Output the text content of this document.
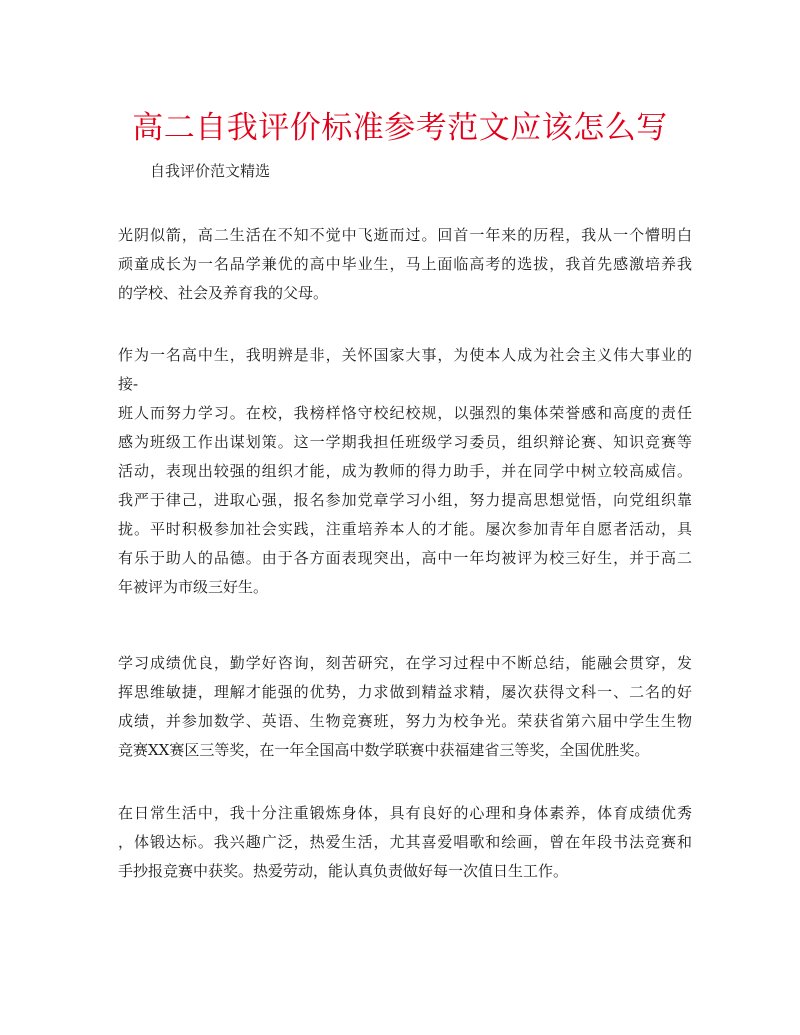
高二自我评价标准参考范文应该怎么写
自我评价范文精选
光阴似箭，高二生活在不知不觉中飞逝而过。回首一年来的历程，我从一个懵明白
顽童成长为一名品学兼优的高中毕业生，马上面临高考的选拔，我首先感激培养我
的学校、社会及养育我的父母。
作为一名高中生，我明辨是非，关怀国家大事，为使本人成为社会主义伟大事业的
接-
班人而努力学习。在校，我榜样恪守校纪校规，以强烈的集体荣誉感和高度的责任
感为班级工作出谋划策。这一学期我担任班级学习委员，组织辩论赛、知识竞赛等
活动，表现出较强的组织才能，成为教师的得力助手，并在同学中树立较高威信。
我严于律己，进取心强，报名参加党章学习小组，努力提高思想觉悟，向党组织靠
拢。平时积极参加社会实践，注重培养本人的才能。屡次参加青年自愿者活动，具
有乐于助人的品德。由于各方面表现突出，高中一年均被评为校三好生，并于高二
年被评为市级三好生。
学习成绩优良，勤学好咨询，刻苦研究，在学习过程中不断总结，能融会贯穿，发
挥思维敏捷，理解才能强的优势，力求做到精益求精，屡次获得文科一、二名的好
成绩，并参加数学、英语、生物竞赛班，努力为校争光。荣获省第六届中学生生物
竞赛XX赛区三等奖，在一年全国高中数学联赛中获福建省三等奖，全国优胜奖。
在日常生活中，我十分注重锻炼身体，具有良好的心理和身体素养，体育成绩优秀
，体锻达标。我兴趣广泛，热爱生活，尤其喜爱唱歌和绘画，曾在年段书法竞赛和
手抄报竞赛中获奖。热爱劳动，能认真负责做好每一次值日生工作。
